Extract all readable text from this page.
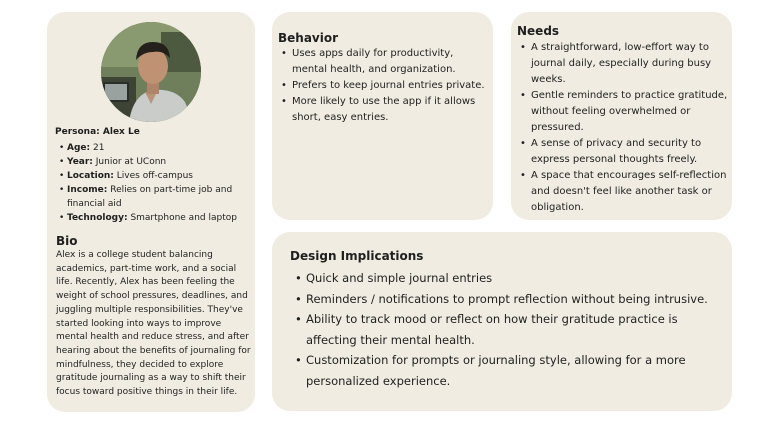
Persona: Alex Le
• Age: 21
• Year: Junior at UConn
• Location: Lives off-campus
• Income: Relies on part-time job and financial aid
• Technology: Smartphone and laptop
Bio

Alex is a college student balancing academics, part-time work, and a social life. Recently, Alex has been feeling the weight of school pressures, deadlines, and juggling multiple responsibilities. They've started looking into ways to improve mental health and reduce stress, and after hearing about the benefits of journaling for mindfulness, they decided to explore gratitude journaling as a way to shift their focus toward positive things in their life.

Behavior
• Uses apps daily for productivity, mental health, and organization.
• Prefers to keep journal entries private.
• More likely to use the app if it allows short, easy entries.
Needs
• A straightforward, low-effort way to journal daily, especially during busy weeks.
• Gentle reminders to practice gratitude, without feeling overwhelmed or pressured.
• A sense of privacy and security to express personal thoughts freely.
• A space that encourages self-reflection and doesn't feel like another task or obligation.
Design Implications
• Quick and simple journal entries
• Reminders / notifications to prompt reflection without being intrusive.
• Ability to track mood or reflect on how their gratitude practice is affecting their mental health.
• Customization for prompts or journaling style, allowing for a more personalized experience.
